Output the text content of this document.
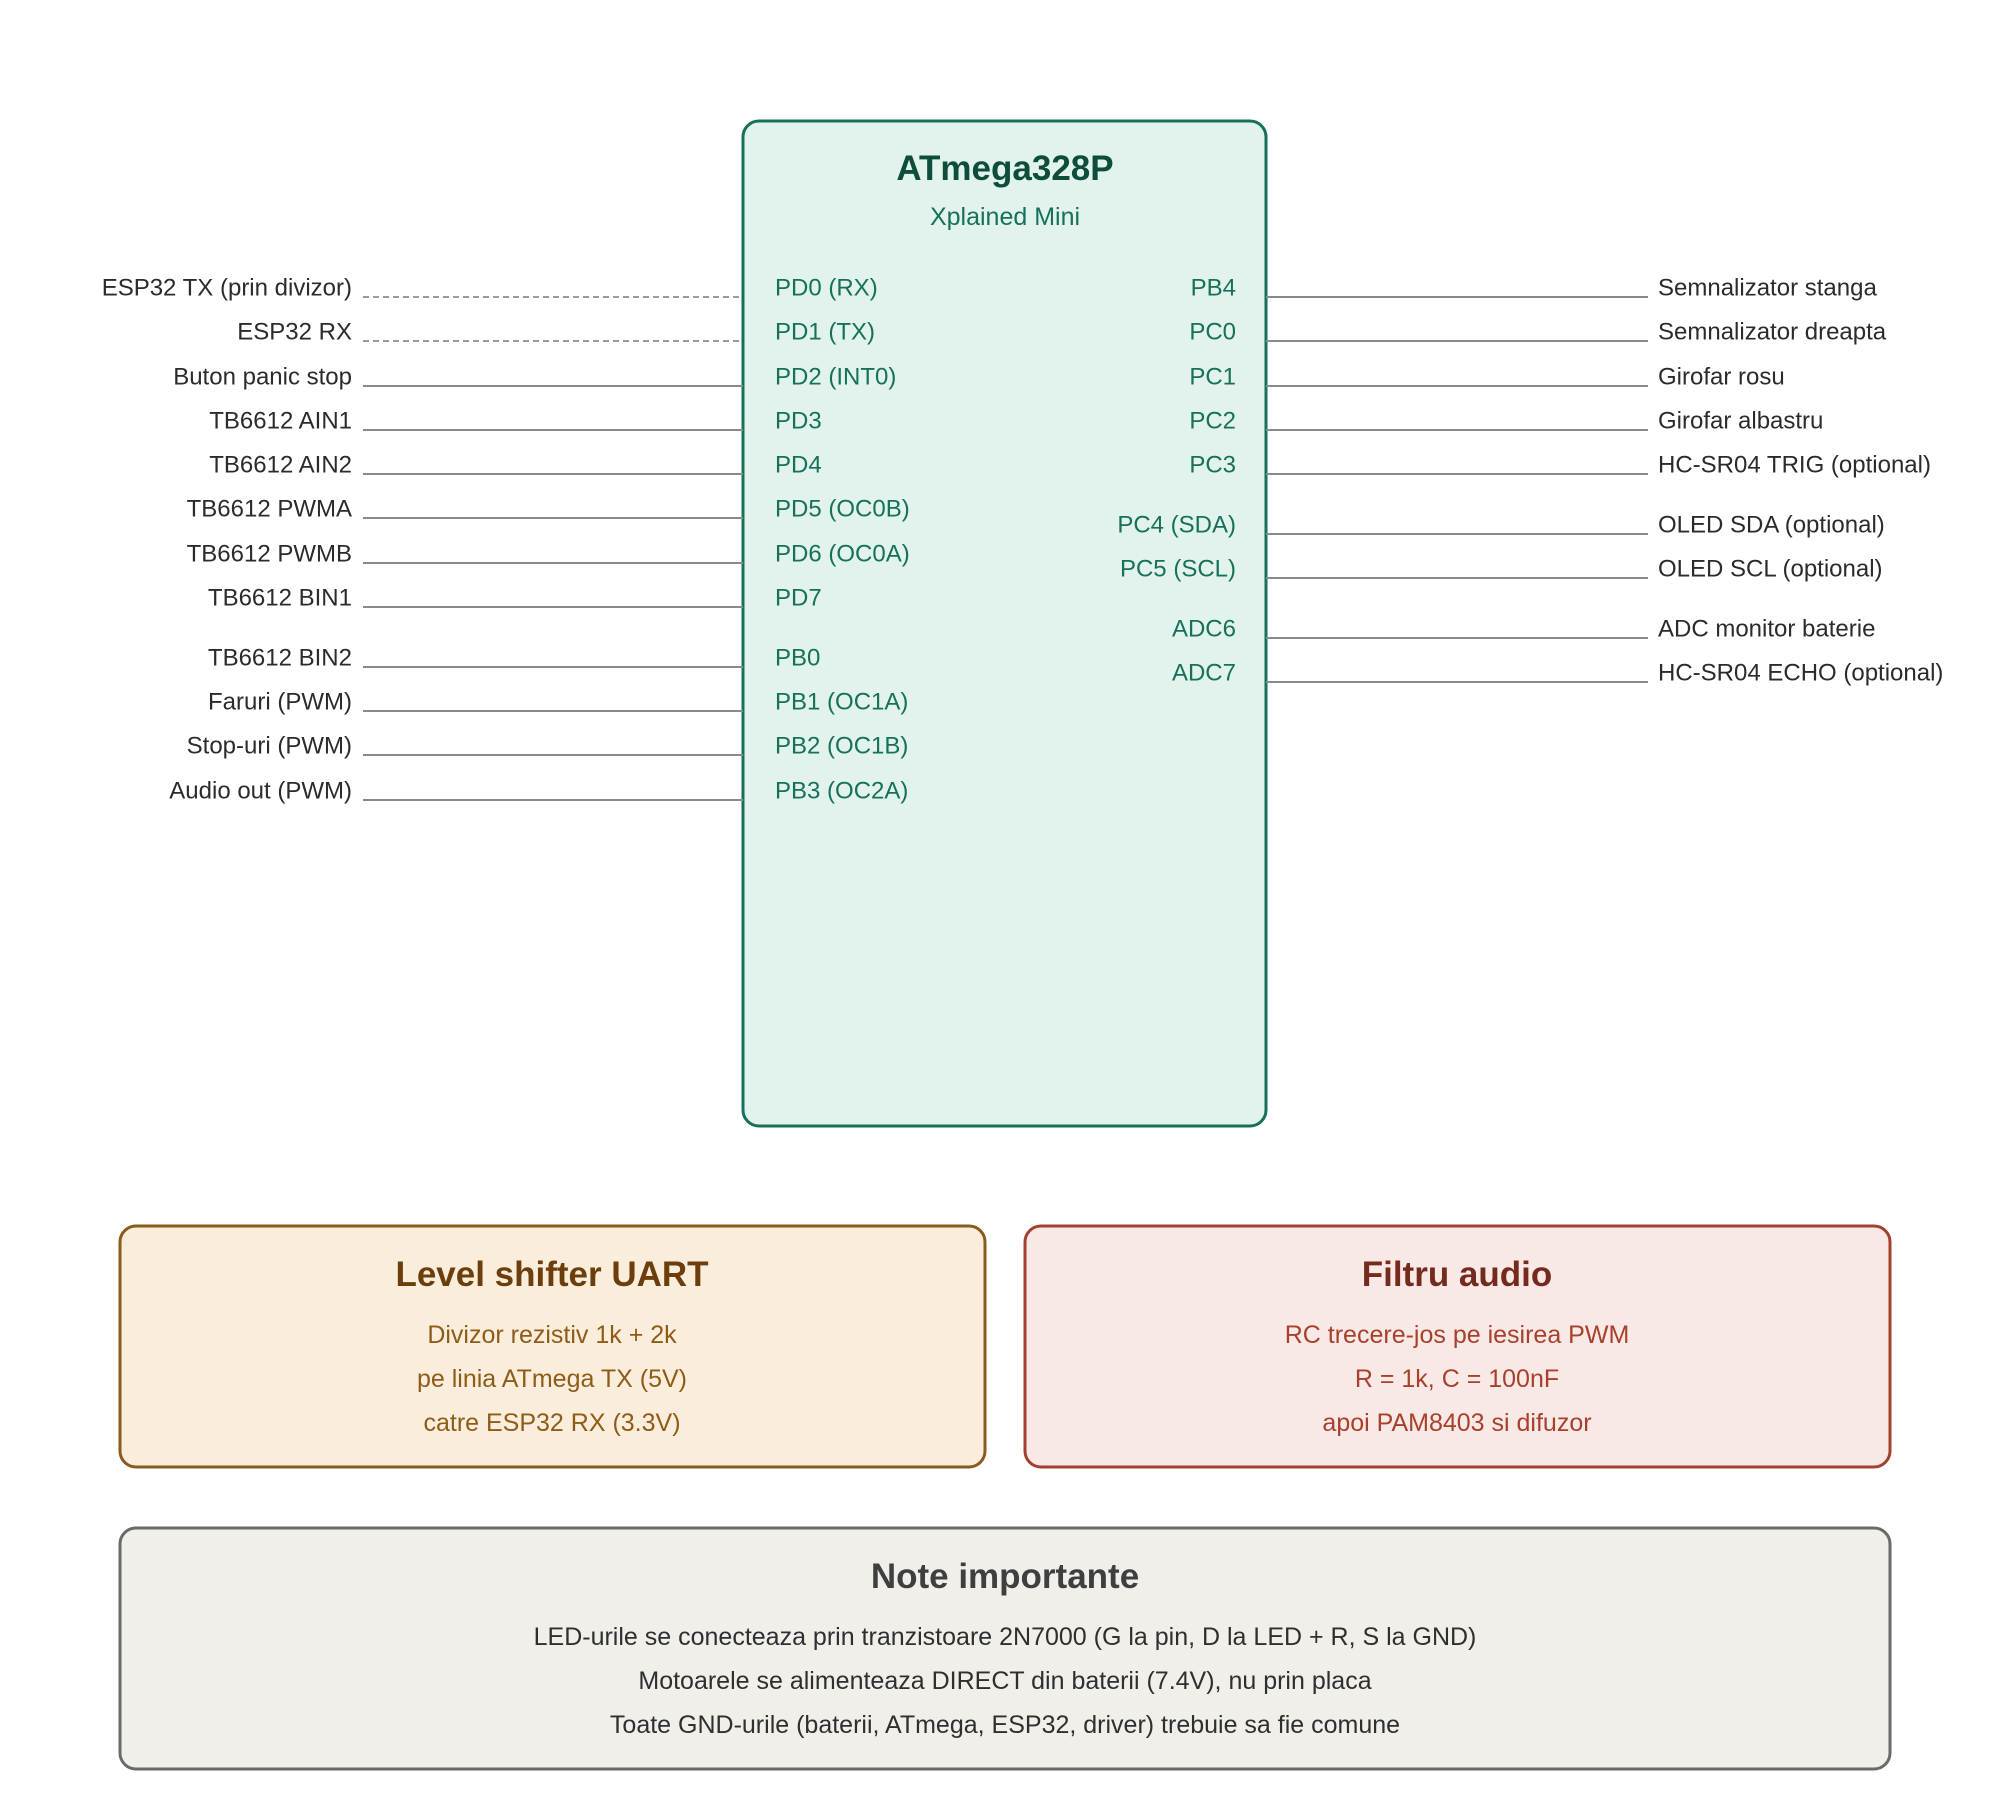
ATmega328P
Xplained Mini
ESP32 TX (prin divizor)	PD0 (RX)
ESP32 RX	PD1 (TX)
Buton panic stop	PD2 (INT0)
TB6612 AIN1	PD3
TB6612 AIN2	PD4
TB6612 PWMA	PD5 (OC0B)
TB6612 PWMB	PD6 (OC0A)
TB6612 BIN1	PD7
TB6612 BIN2	PB0
Faruri (PWM)	PB1 (OC1A)
Stop-uri (PWM)	PB2 (OC1B)
Audio out (PWM)	PB3 (OC2A)
PB4	Semnalizator stanga
PC0	Semnalizator dreapta
PC1	Girofar rosu
PC2	Girofar albastru
PC3	HC-SR04 TRIG (optional)
PC4 (SDA)	OLED SDA (optional)
PC5 (SCL)	OLED SCL (optional)
ADC6	ADC monitor baterie
ADC7	HC-SR04 ECHO (optional)
Level shifter UART
Divizor rezistiv 1k + 2k
pe linia ATmega TX (5V)
catre ESP32 RX (3.3V)
Filtru audio
RC trecere-jos pe iesirea PWM
R = 1k, C = 100nF
apoi PAM8403 si difuzor
Note importante
LED-urile se conecteaza prin tranzistoare 2N7000 (G la pin, D la LED + R, S la GND)
Motoarele se alimenteaza DIRECT din baterii (7.4V), nu prin placa
Toate GND-urile (baterii, ATmega, ESP32, driver) trebuie sa fie comune
